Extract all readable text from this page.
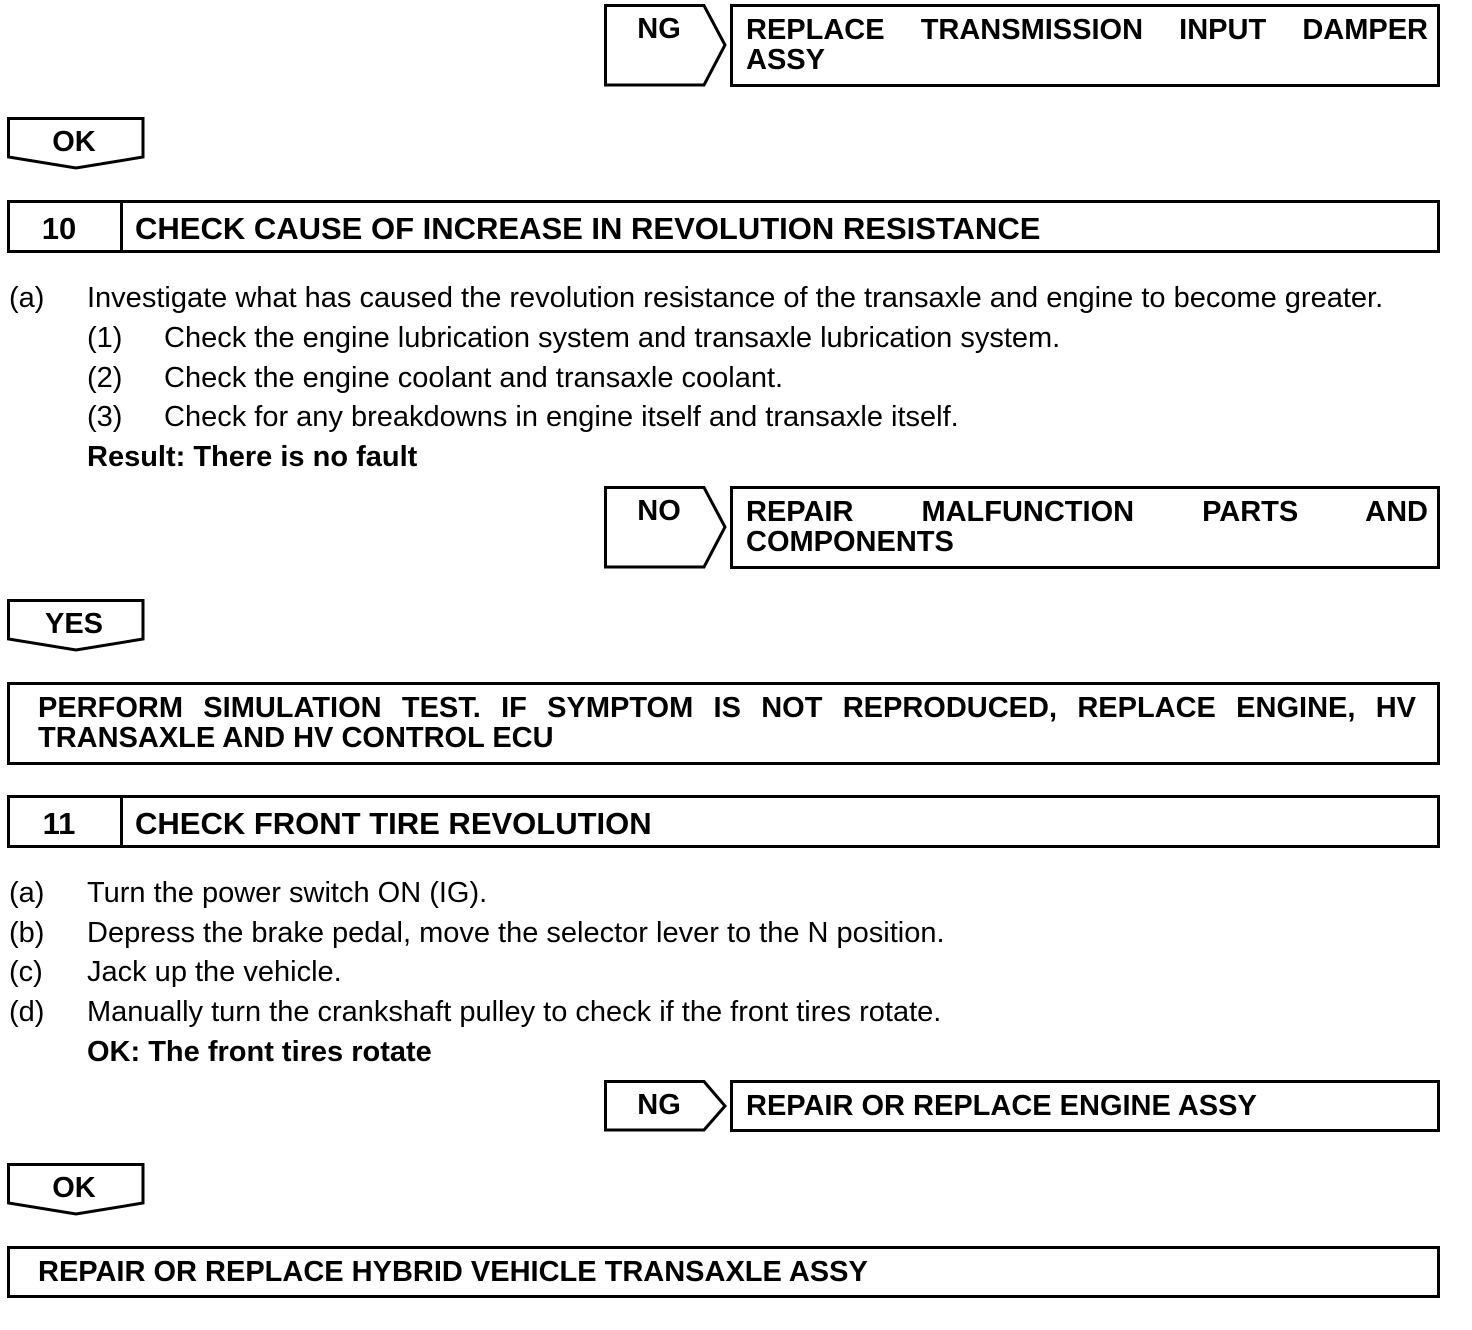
NG	REPLACE TRANSMISSION INPUT DAMPER
ASSY
OK
10	CHECK CAUSE OF INCREASE IN REVOLUTION RESISTANCE
(a) Investigate what has caused the revolution resistance of the transaxle and engine to become greater.
(1) Check the engine lubrication system and transaxle lubrication system.
(2) Check the engine coolant and transaxle coolant.
(3) Check for any breakdowns in engine itself and transaxle itself.
Result: There is no fault
NO	REPAIR MALFUNCTION PARTS AND
COMPONENTS
YES
PERFORM SIMULATION TEST. IF SYMPTOM IS NOT REPRODUCED, REPLACE ENGINE, HV
TRANSAXLE AND HV CONTROL ECU
11	CHECK FRONT TIRE REVOLUTION
(a) Turn the power switch ON (IG).
(b) Depress the brake pedal, move the selector lever to the N position.
(c) Jack up the vehicle.
(d) Manually turn the crankshaft pulley to check if the front tires rotate.
OK: The front tires rotate
NG	REPAIR OR REPLACE ENGINE ASSY
OK
REPAIR OR REPLACE HYBRID VEHICLE TRANSAXLE ASSY
